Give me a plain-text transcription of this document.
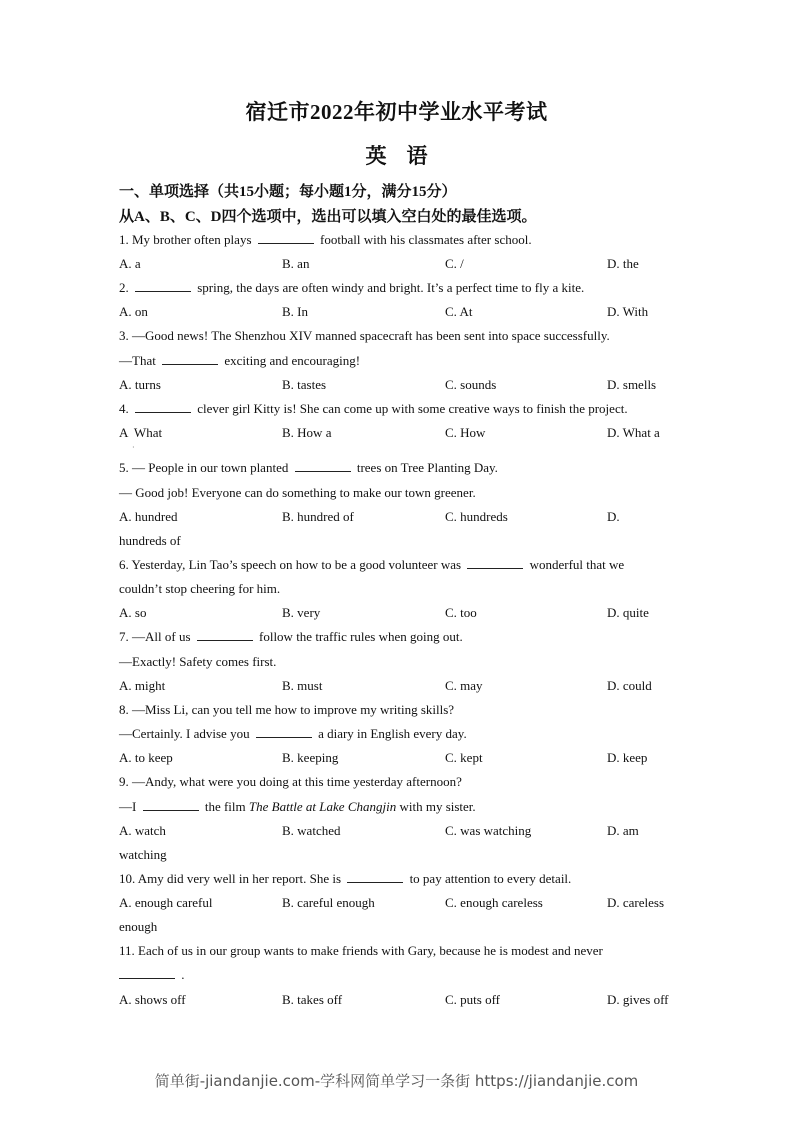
宿迁市2022年初中学业水平考试
英 语
一、单项选择（共15小题；每小题1分，满分15分）
从A、B、C、D四个选项中，选出可以填入空白处的最佳选项。
1. My brother often plays	football with his classmates after school.
A. a	B. an	C. /	D. the
2.	spring, the days are often windy and bright. It’s a perfect time to fly a kite.
A. on	B. In	C. At	D. With
3. —Good news! The Shenzhou XIV manned spacecraft has been sent into space successfully.
—That	exciting and encouraging!
A. turns	B. tastes	C. sounds	D. smells
4.	clever girl Kitty is! She can come up with some creative ways to finish the project.
A  What	B. How a	C. How	D. What a
·
5. — People in our town planted	trees on Tree Planting Day.
— Good job! Everyone can do something to make our town greener.
A. hundred	B. hundred of	C. hundreds	D.
hundreds of
6. Yesterday, Lin Tao’s speech on how to be a good volunteer was	wonderful that we
couldn’t stop cheering for him.
A. so	B. very	C. too	D. quite
7. —All of us	follow the traffic rules when going out.
—Exactly! Safety comes first.
A. might	B. must	C. may	D. could
8. —Miss Li, can you tell me how to improve my writing skills?
—Certainly. I advise you	a diary in English every day.
A. to keep	B. keeping	C. kept	D. keep
9. —Andy, what were you doing at this time yesterday afternoon?
—I	the film The Battle at Lake Changjin with my sister.
A. watch	B. watched	C. was watching	D. am
watching
10. Amy did very well in her report. She is	to pay attention to every detail.
A. enough careful	B. careful enough	C. enough careless	D. careless
enough
11. Each of us in our group wants to make friends with Gary, because he is modest and never
.
A. shows off	B. takes off	C. puts off	D. gives off
简单街-jiandanjie.com-学科网简单学习一条街 https://jiandanjie.com
